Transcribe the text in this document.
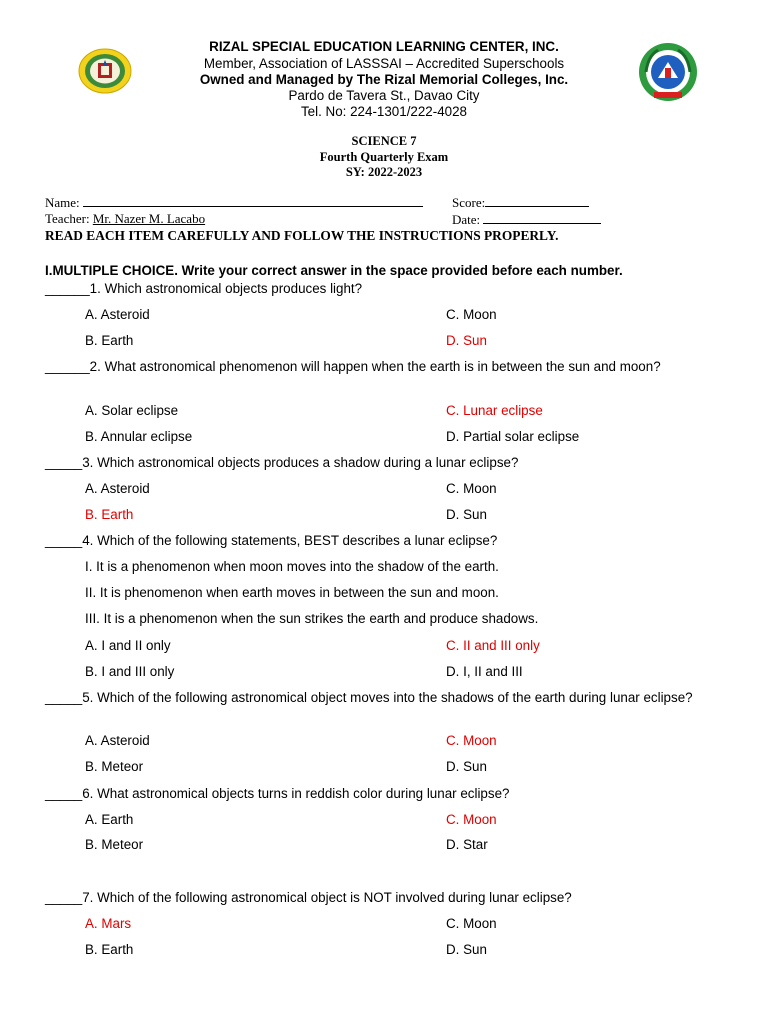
RIZAL SPECIAL EDUCATION LEARNING CENTER, INC.
Member, Association of LASSSAI – Accredited Superschools
Owned and Managed by The Rizal Memorial Colleges, Inc.
Pardo de Tavera St., Davao City
Tel. No: 224-1301/222-4028
SCIENCE 7
Fourth Quarterly Exam
SY: 2022-2023
Name:	Score:
Teacher: Mr. Nazer M. Lacabo	Date:
READ EACH ITEM CAREFULLY AND FOLLOW THE INSTRUCTIONS PROPERLY.
I.MULTIPLE CHOICE. Write your correct answer in the space provided before each number.
______1. Which astronomical objects produces light?
A. Asteroid	C. Moon
B. Earth	D. Sun
______2. What astronomical phenomenon will happen when the earth is in between the sun and moon?
A. Solar eclipse	C. Lunar eclipse
B. Annular eclipse	D. Partial solar eclipse
_____3. Which astronomical objects produces a shadow during a lunar eclipse?
A. Asteroid	C. Moon
B. Earth	D. Sun
_____4. Which of the following statements, BEST describes a lunar eclipse?
I. It is a phenomenon when moon moves into the shadow of the earth.
II. It is phenomenon when earth moves in between the sun and moon.
III. It is a phenomenon when the sun strikes the earth and produce shadows.
A. I and II only	C. II and III only
B. I and III only	D. I, II and III
_____5. Which of the following astronomical object moves into the shadows of the earth during lunar eclipse?
A. Asteroid	C. Moon
B. Meteor	D. Sun
_____6. What astronomical objects turns in reddish color during lunar eclipse?
A. Earth	C. Moon
B. Meteor	D. Star
_____7. Which of the following astronomical object is NOT involved during lunar eclipse?
A. Mars	C. Moon
B. Earth	D. Sun
